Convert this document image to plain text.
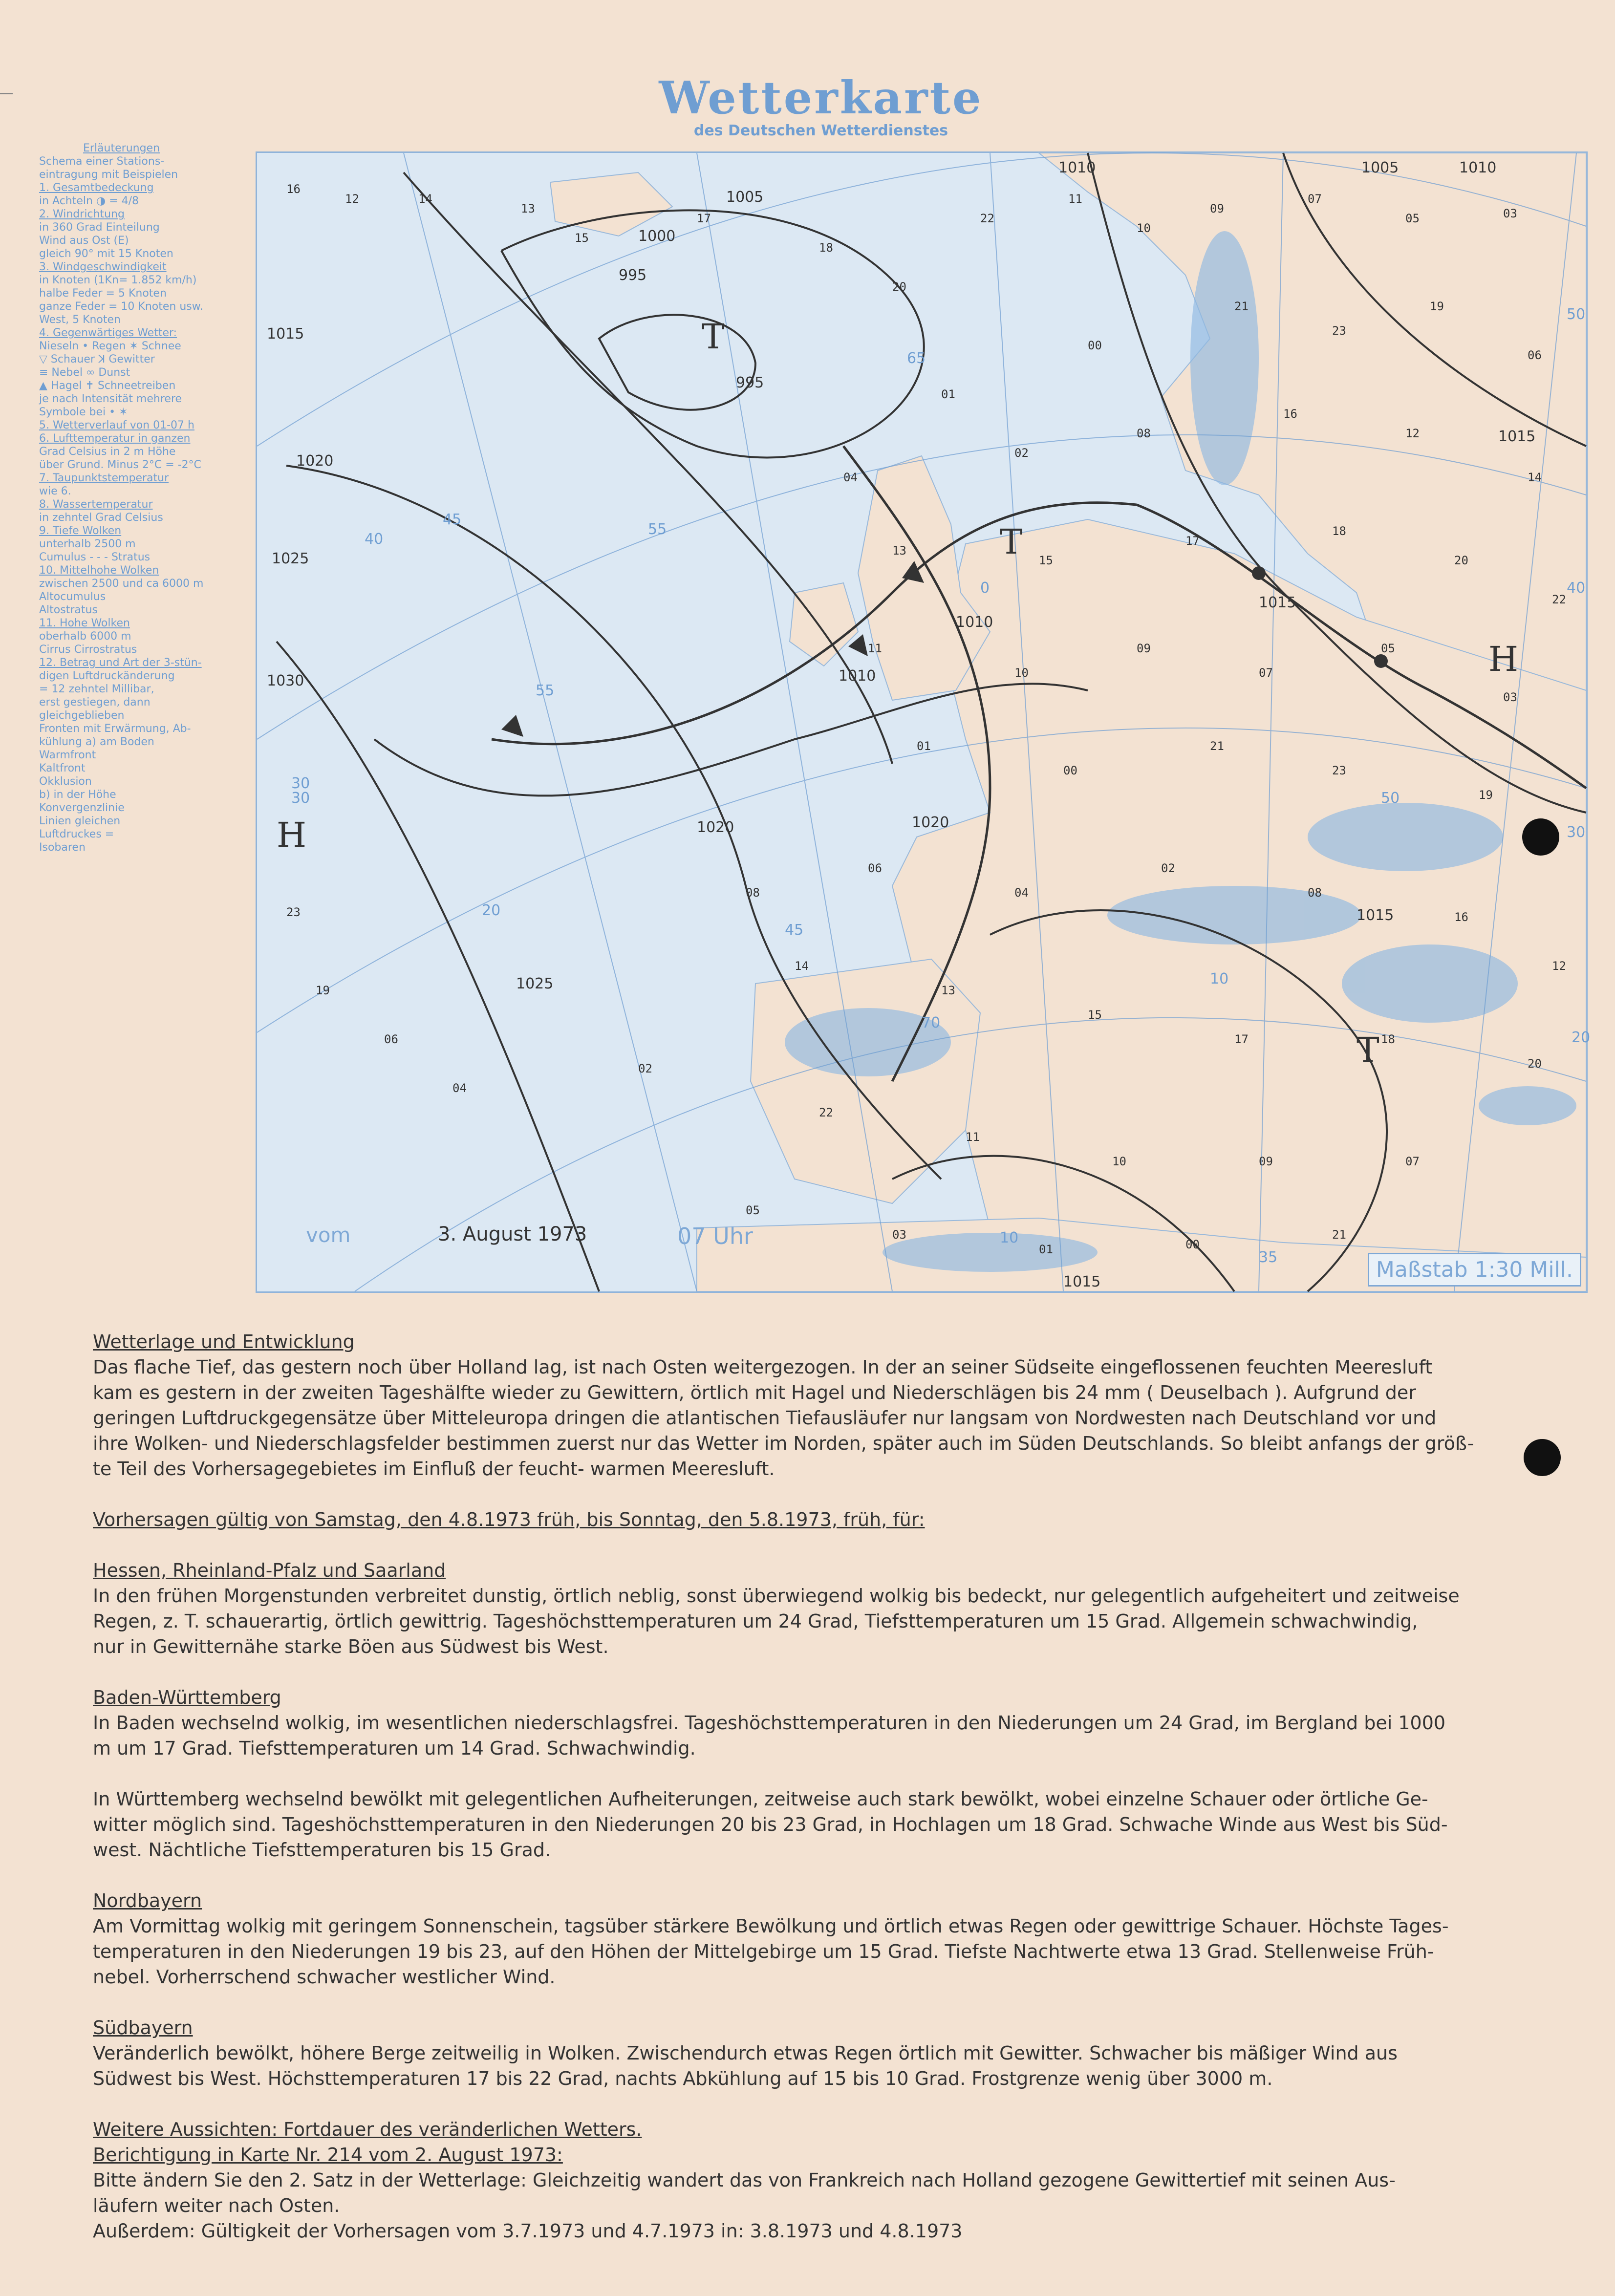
Wetterkarte
des Deutschen Wetterdienstes
Erläuterungen
Schema einer Stations-
eintragung mit Beispielen
1. Gesamtbedeckung
in Achteln ◑ = 4/8
2. Windrichtung
in 360 Grad Einteilung
Wind aus Ost (E)
gleich 90° mit 15 Knoten
3. Windgeschwindigkeit
in Knoten (1Kn= 1.852 km/h)
halbe Feder = 5 Knoten
ganze Feder = 10 Knoten usw.
West, 5 Knoten
4. Gegenwärtiges Wetter:
Nieseln • Regen ✶ Schnee
▽ Schauer ꓘ Gewitter
≡ Nebel ∞ Dunst
▲ Hagel ✝ Schneetreiben
je nach Intensität mehrere
Symbole bei • ✶
5. Wetterverlauf von 01-07 h
6. Lufttemperatur in ganzen
Grad Celsius in 2 m Höhe
über Grund. Minus 2°C = -2°C
7. Taupunktstemperatur
wie 6.
8. Wassertemperatur
in zehntel Grad Celsius
9. Tiefe Wolken
unterhalb 2500 m
Cumulus - - - Stratus
10. Mittelhohe Wolken
zwischen 2500 und ca 6000 m
Altocumulus
Altostratus
11. Hohe Wolken
oberhalb 6000 m
Cirrus Cirrostratus
12. Betrag und Art der 3-stün-
digen Luftdruckänderung
= 12 zehntel Millibar,
erst gestiegen, dann
gleichgeblieben
Fronten mit Erwärmung, Ab-
kühlung a) am Boden
Warmfront
Kaltfront
Okklusion
b) in der Höhe
Konvergenzlinie
Linien gleichen
Luftdruckes =
Isobaren
T
H
H
T
T
1000
995
1005
1010
1015
1020
1025
1030
1010
1015
1020
1025
1015
1010
1005
995
1010
1015
1020
1015
50
40
30
20
10
0
10
20
30
40
50
55
45
35
55
65
70
45
30
16
12	14
13
15
17
18
20
22
11
10
09
07
05	03
01
00
21
23
19
06
04
02
08
16
12
14
13
15
17
18
20
22
11
10
09
07
05
03
01
00
21
23
19
06
04
02
08
16
12
14
13
15
17	18
20
22
11
10	09	07
05
03
01	00
21
23
19
06
04
02
08
vom	3. August 1973	07 Uhr
Maßstab 1:30 Mill.

Wetterlage und Entwicklung

Das flache Tief, das gestern noch über Holland lag, ist nach Osten weitergezogen. In der an seiner Südseite eingeflossenen feuchten Meeresluft

kam es gestern in der zweiten Tageshälfte wieder zu Gewittern, örtlich mit Hagel und Niederschlägen bis 24 mm ( Deuselbach ). Aufgrund der

geringen Luftdruckgegensätze über Mitteleuropa dringen die atlantischen Tiefausläufer nur langsam von Nordwesten nach Deutschland vor und

ihre Wolken- und Niederschlagsfelder bestimmen zuerst nur das Wetter im Norden, später auch im Süden Deutschlands. So bleibt anfangs der größ-

te Teil des Vorhersagegebietes im Einfluß der feucht- warmen Meeresluft.

Vorhersagen gültig von Samstag, den 4.8.1973 früh, bis Sonntag, den 5.8.1973, früh, für:

Hessen, Rheinland-Pfalz und Saarland

In den frühen Morgenstunden verbreitet dunstig, örtlich neblig, sonst überwiegend wolkig bis bedeckt, nur gelegentlich aufgeheitert und zeitweise

Regen, z. T. schauerartig, örtlich gewittrig. Tageshöchsttemperaturen um 24 Grad, Tiefsttemperaturen um 15 Grad. Allgemein schwachwindig,

nur in Gewitternähe starke Böen aus Südwest bis West.

Baden-Württemberg

In Baden wechselnd wolkig, im wesentlichen niederschlagsfrei. Tageshöchsttemperaturen in den Niederungen um 24 Grad, im Bergland bei 1000

m um 17 Grad. Tiefsttemperaturen um 14 Grad. Schwachwindig.

In Württemberg wechselnd bewölkt mit gelegentlichen Aufheiterungen, zeitweise auch stark bewölkt, wobei einzelne Schauer oder örtliche Ge-

witter möglich sind. Tageshöchsttemperaturen in den Niederungen 20 bis 23 Grad, in Hochlagen um 18 Grad. Schwache Winde aus West bis Süd-

west. Nächtliche Tiefsttemperaturen bis 15 Grad.

Nordbayern

Am Vormittag wolkig mit geringem Sonnenschein, tagsüber stärkere Bewölkung und örtlich etwas Regen oder gewittrige Schauer. Höchste Tages-

temperaturen in den Niederungen 19 bis 23, auf den Höhen der Mittelgebirge um 15 Grad. Tiefste Nachtwerte etwa 13 Grad. Stellenweise Früh-

nebel. Vorherrschend schwacher westlicher Wind.

Südbayern

Veränderlich bewölkt, höhere Berge zeitweilig in Wolken. Zwischendurch etwas Regen örtlich mit Gewitter. Schwacher bis mäßiger Wind aus

Südwest bis West. Höchsttemperaturen 17 bis 22 Grad, nachts Abkühlung auf 15 bis 10 Grad. Frostgrenze wenig über 3000 m.

Weitere Aussichten: Fortdauer des veränderlichen Wetters.

Berichtigung in Karte Nr. 214 vom 2. August 1973:

Bitte ändern Sie den 2. Satz in der Wetterlage: Gleichzeitig wandert das von Frankreich nach Holland gezogene Gewittertief mit seinen Aus-

läufern weiter nach Osten.

Außerdem: Gültigkeit der Vorhersagen vom 3.7.1973 und 4.7.1973 in: 3.8.1973 und 4.8.1973
